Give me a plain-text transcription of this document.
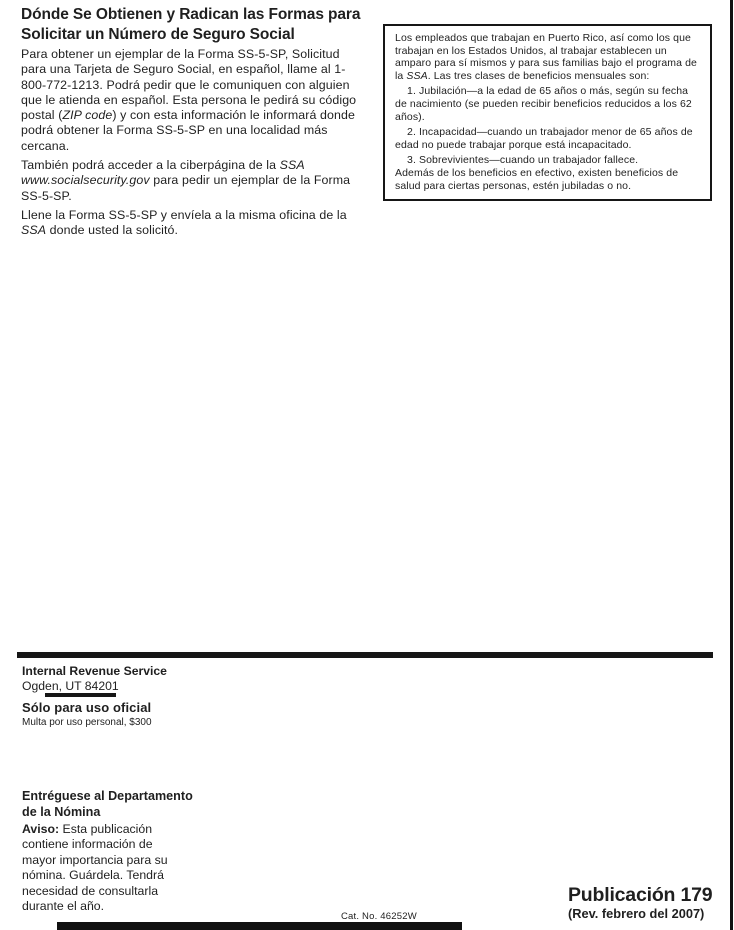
Dónde Se Obtienen y Radican las Formas para Solicitar un Número de Seguro Social

Para obtener un ejemplar de la Forma SS-5-SP, Solicitud para una Tarjeta de Seguro Social, en español, llame al 1-800-772-1213. Podrá pedir que le comuniquen con alguien que le atienda en español. Esta persona le pedirá su código postal (ZIP code) y con esta información le informará donde podrá obtener la Forma SS-5-SP en una localidad más cercana.

También podrá acceder a la ciberpágina de la SSA www.socialsecurity.gov para pedir un ejemplar de la Forma SS-5-SP.

Llene la Forma SS-5-SP y envíela a la misma oficina de la SSA donde usted la solicitó.

Los empleados que trabajan en Puerto Rico, así como los que trabajan en los Estados Unidos, al trabajar establecen un amparo para sí mismos y para sus familias bajo el programa de la SSA. Las tres clases de beneficios mensuales son:

1. Jubilación—a la edad de 65 años o más, según su fecha de nacimiento (se pueden recibir beneficios reducidos a los 62 años).

2. Incapacidad—cuando un trabajador menor de 65 años de edad no puede trabajar porque está incapacitado.

3. Sobrevivientes—cuando un trabajador fallece.

Además de los beneficios en efectivo, existen beneficios de salud para ciertas personas, estén jubiladas o no.

Internal Revenue Service
Ogden, UT 84201
Sólo para uso oficial
Multa por uso personal, $300
Entréguese al Departamento de la Nómina

Aviso: Esta publicación contiene información de mayor importancia para su nómina. Guárdela. Tendrá necesidad de consultarla durante el año.

Cat. No. 46252W
Publicación 179
(Rev. febrero del 2007)
